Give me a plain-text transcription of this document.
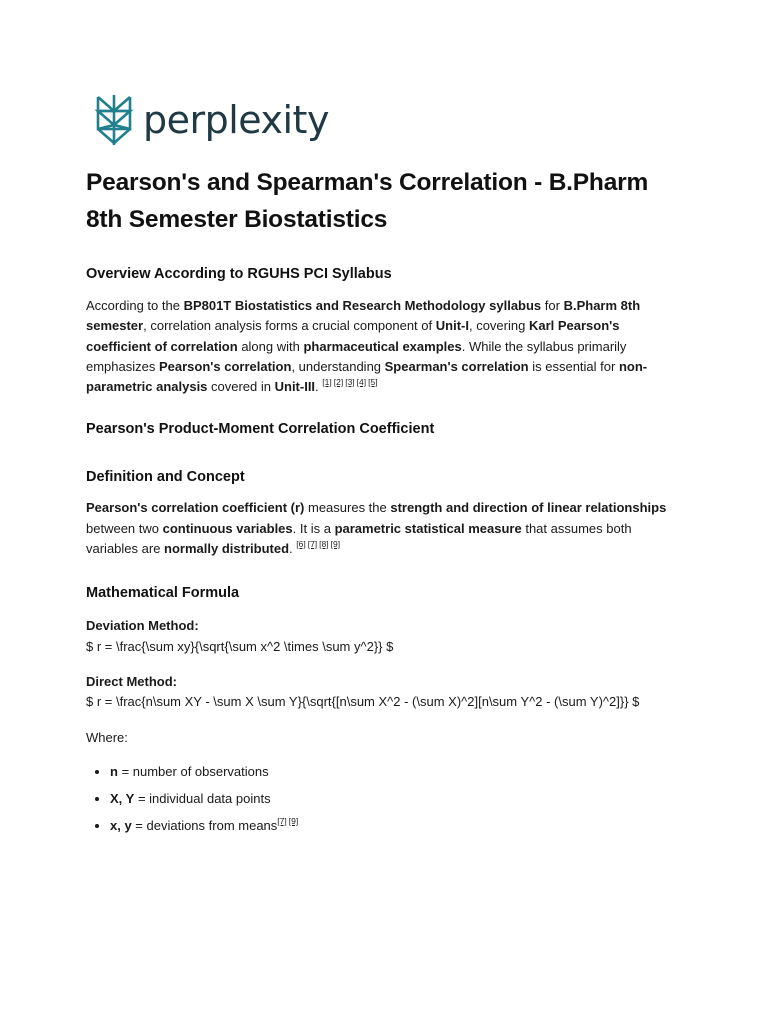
perplexity
Pearson's and Spearman's Correlation - B.Pharm 8th Semester Biostatistics
Overview According to RGUHS PCI Syllabus

According to the BP801T Biostatistics and Research Methodology syllabus for B.Pharm 8th semester, correlation analysis forms a crucial component of Unit-I, covering Karl Pearson's coefficient of correlation along with pharmaceutical examples. While the syllabus primarily emphasizes Pearson's correlation, understanding Spearman's correlation is essential for non-parametric analysis covered in Unit-III. [1] [2] [3] [4] [5]

Pearson's Product-Moment Correlation Coefficient
Definition and Concept

Pearson's correlation coefficient (r) measures the strength and direction of linear relationships between two continuous variables. It is a parametric statistical measure that assumes both variables are normally distributed. [6] [7] [8] [9]

Mathematical Formula

Deviation Method:

$ r = \frac{\sum xy}{\sqrt{\sum x^2 \times \sum y^2}} $

Direct Method:

$ r = \frac{n\sum XY - \sum X \sum Y}{\sqrt{[n\sum X^2 - (\sum X)^2][n\sum Y^2 - (\sum Y)^2]}} $

Where:

• n = number of observations
• X, Y = individual data points
• x, y = deviations from means[7] [9]
